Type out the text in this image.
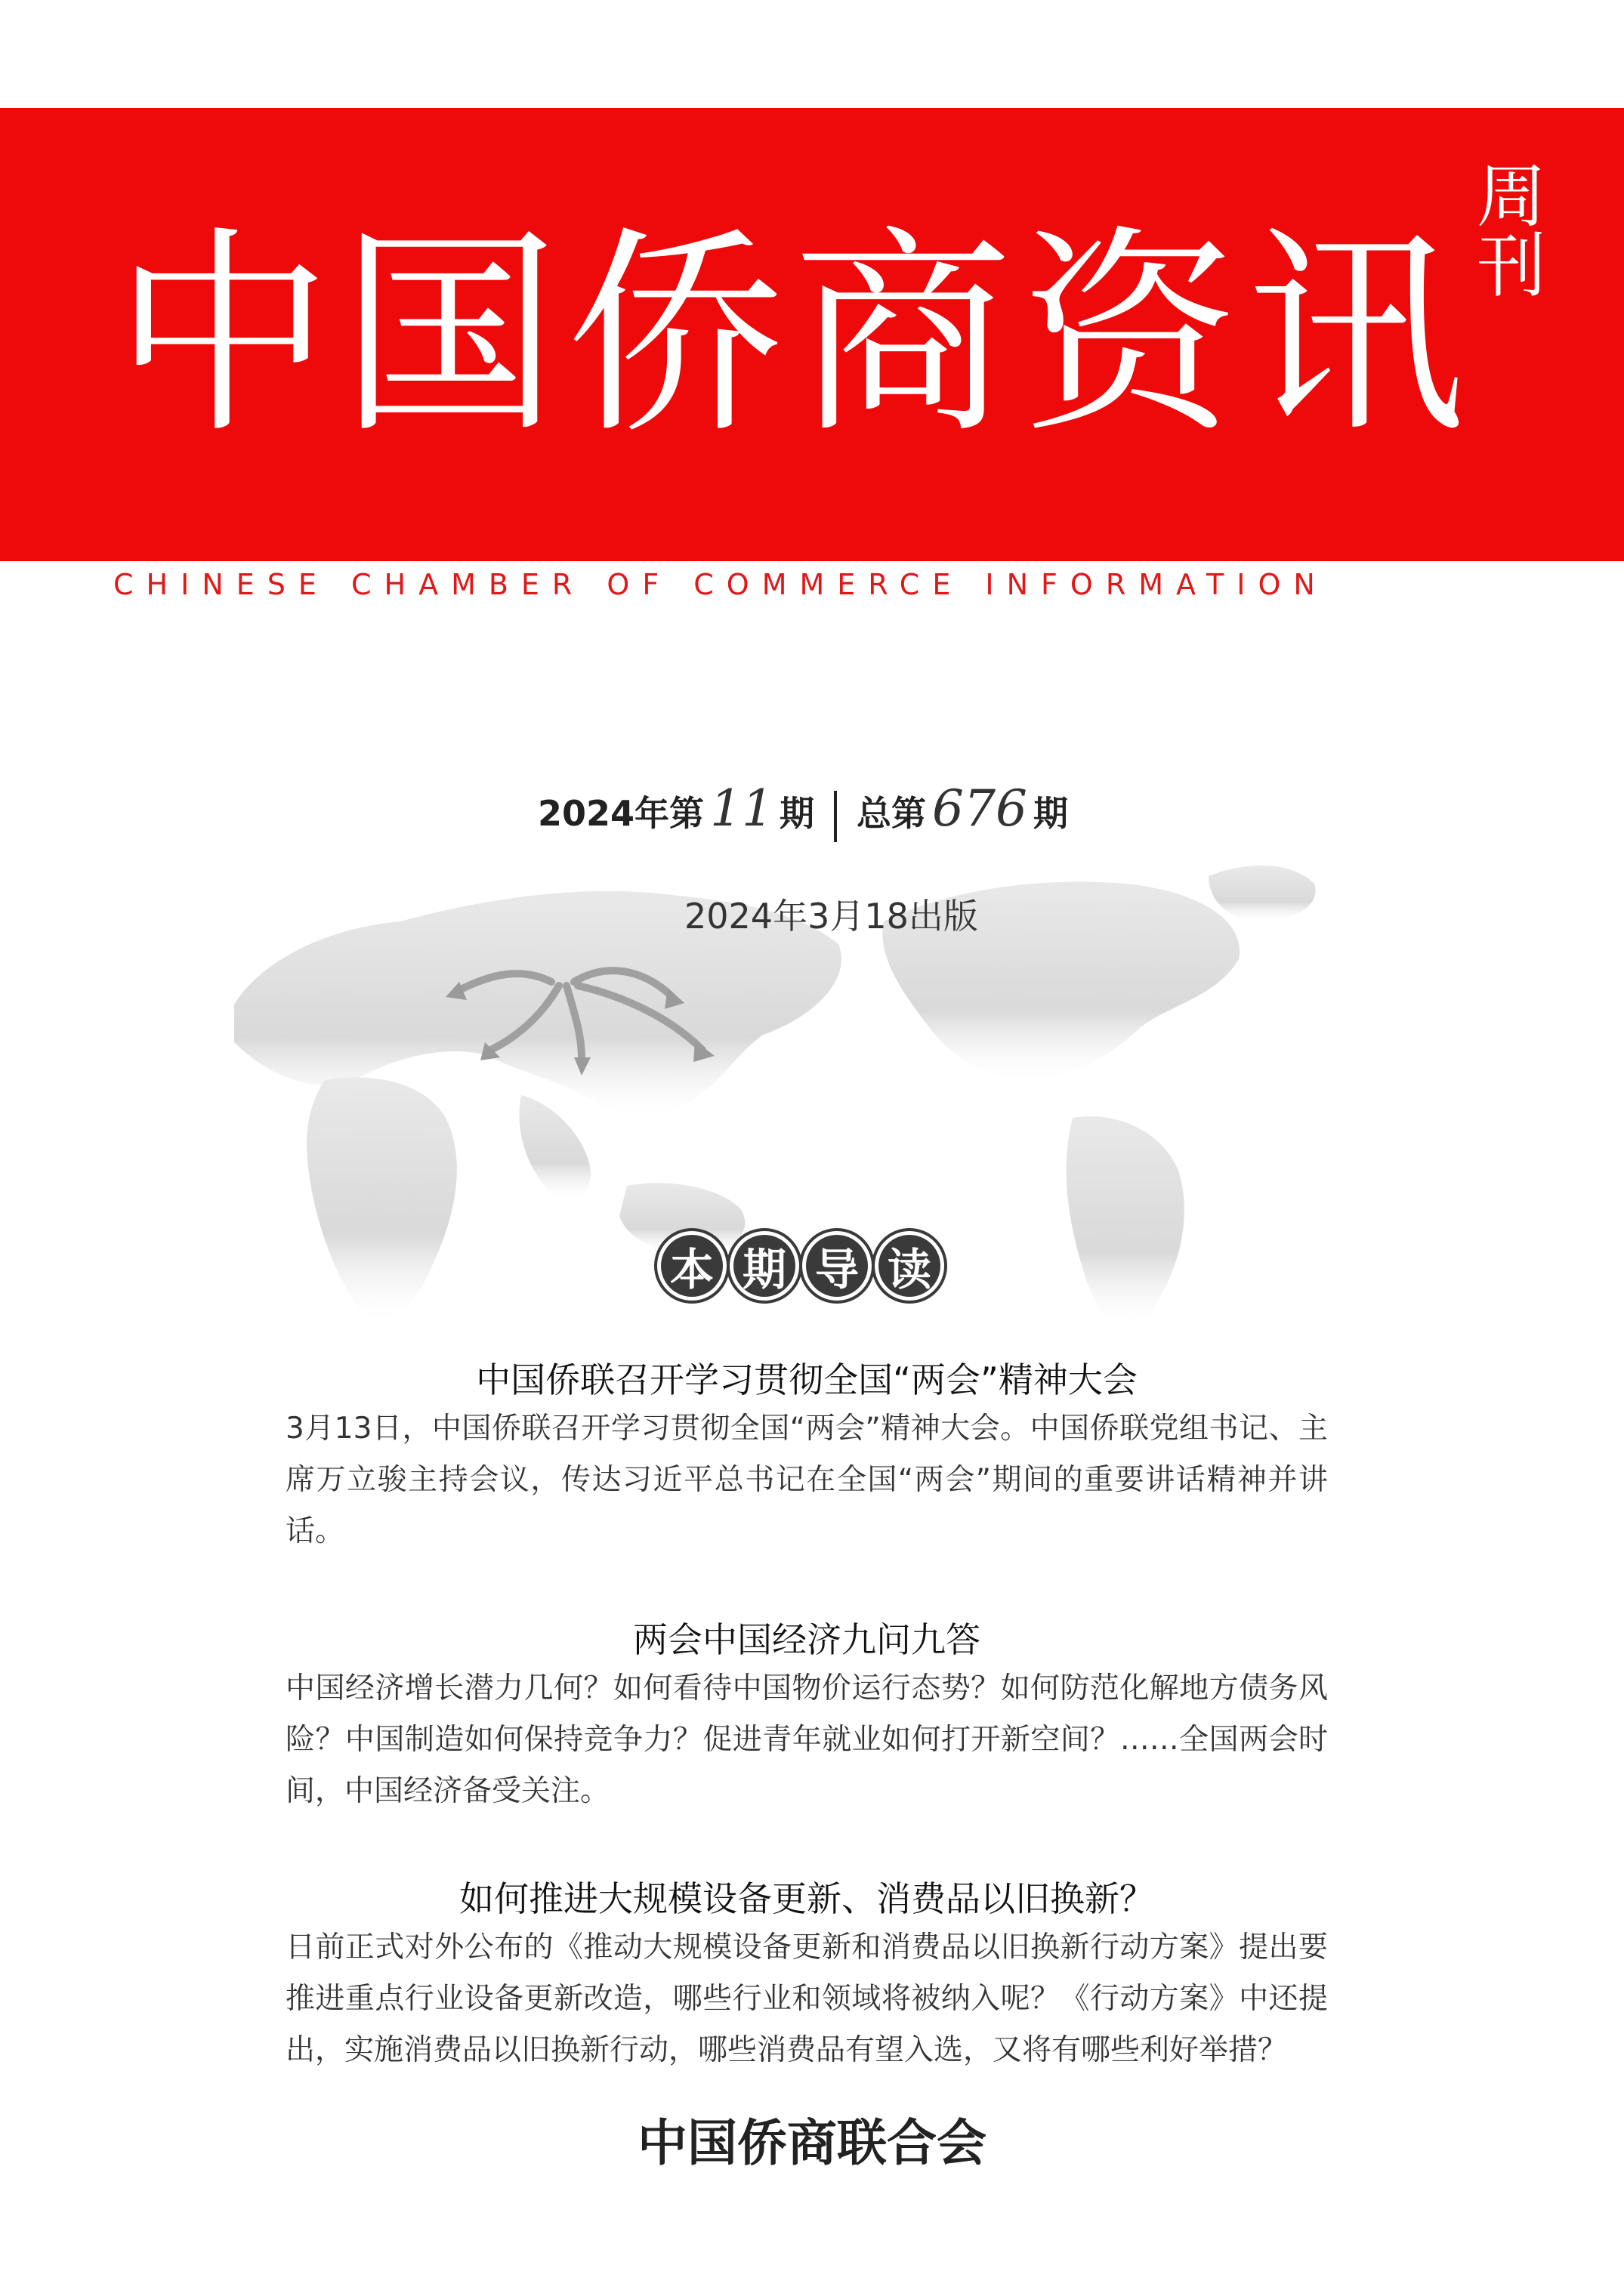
中国侨商资讯
周刊
CHINESE CHAMBER OF COMMERCE INFORMATION
2024年第 11 期 总第 676 期
2024年3月18出版
本 期 导 读
中国侨联召开学习贯彻全国“两会”精神大会
3月13日，中国侨联召开学习贯彻全国“两会”精神大会。中国侨联党组书记、主席万立骏主持会议，传达习近平总书记在全国“两会”期间的重要讲话精神并讲话。
两会中国经济九问九答
中国经济增长潜力几何？如何看待中国物价运行态势？如何防范化解地方债务风险？中国制造如何保持竞争力？促进青年就业如何打开新空间？……全国两会时间，中国经济备受关注。
如何推进大规模设备更新、消费品以旧换新？
日前正式对外公布的《推动大规模设备更新和消费品以旧换新行动方案》提出要推进重点行业设备更新改造，哪些行业和领域将被纳入呢？《行动方案》中还提出，实施消费品以旧换新行动，哪些消费品有望入选，又将有哪些利好举措？
中国侨商联合会
